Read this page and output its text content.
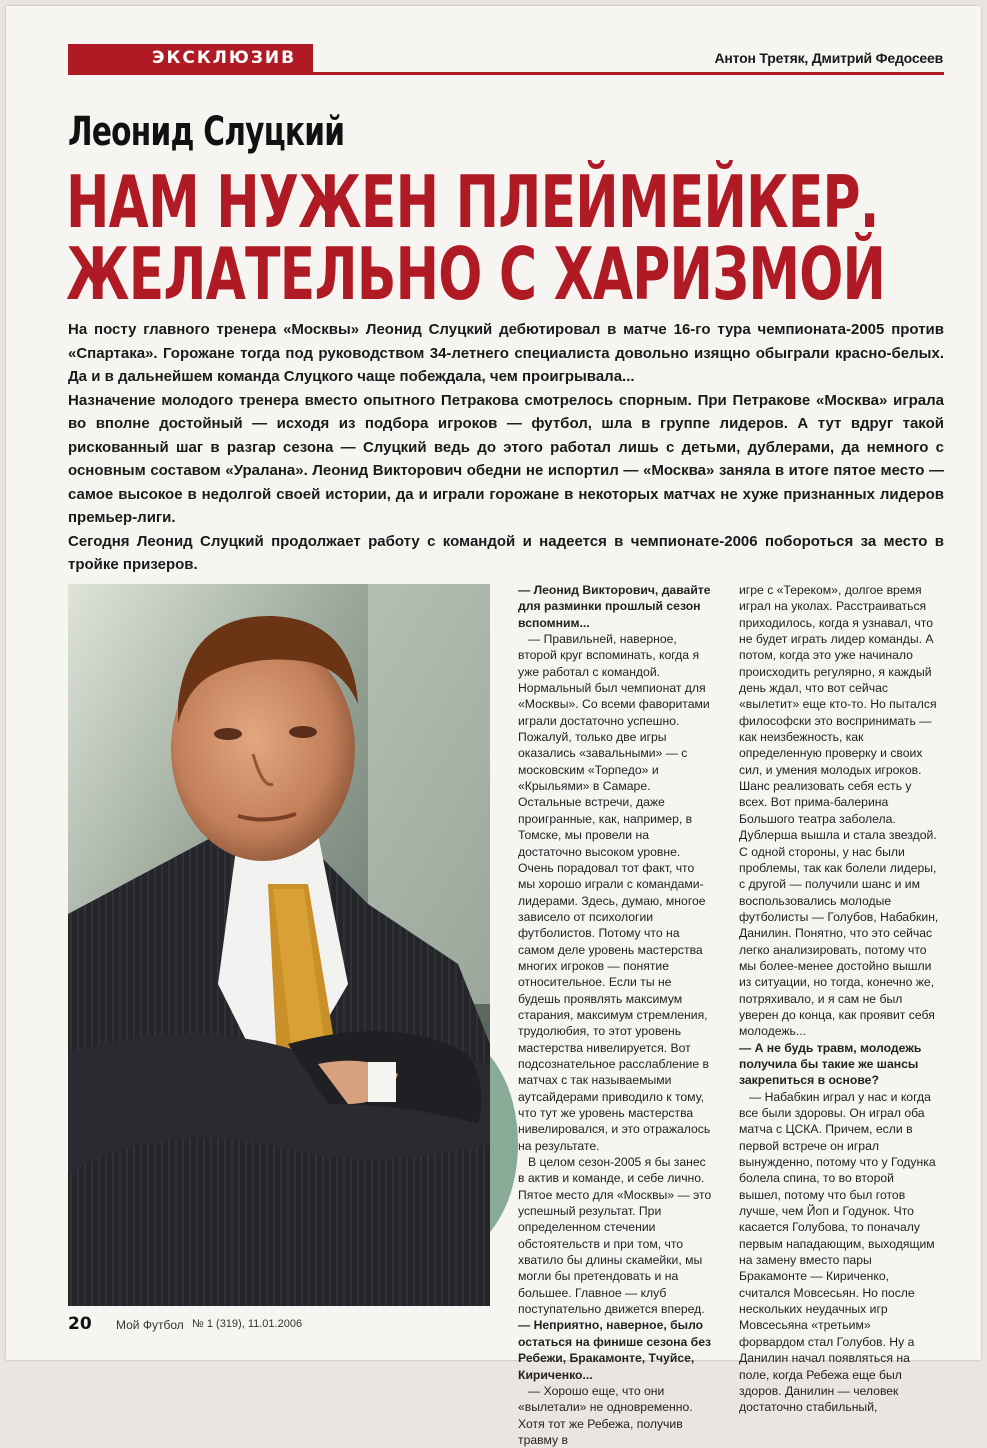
ЭКСКЛЮЗИВ	Антон Третяк, Дмитрий Федосеев
Леонид Слуцкий
НАМ НУЖЕН ПЛЕЙМЕЙКЕР.
ЖЕЛАТЕЛЬНО С ХАРИЗМОЙ

На посту главного тренера «Москвы» Леонид Слуцкий дебютировал в матче 16-го тура чемпионата-2005 против «Спартака». Горожане тогда под руководством 34-летнего специалиста довольно изящно обыграли красно-белых. Да и в дальнейшем команда Слуцкого чаще побеждала, чем проигрывала...

Назначение молодого тренера вместо опытного Петракова смотрелось спорным. При Петракове «Москва» играла во вполне достойный — исходя из подбора игроков — футбол, шла в группе лидеров. А тут вдруг такой рискованный шаг в разгар сезона — Слуцкий ведь до этого работал лишь с детьми, дублерами, да немного с основным составом «Уралана». Леонид Викторович обедни не испортил — «Москва» заняла в итоге пятое место — самое высокое в недолгой своей истории, да и играли горожане в некоторых матчах не хуже признанных лидеров премьер-лиги.

Сегодня Леонид Слуцкий продолжает работу с командой и надеется в чемпионате-2006 побороться за место в тройке призеров.

— Леонид Викторович, давайте для разминки прошлый сезон вспомним...

— Правильней, наверное, второй круг вспоминать, когда я уже работал с командой. Нормальный был чемпионат для «Москвы». Со всеми фаворитами играли достаточно успешно. Пожалуй, только две игры оказались «завальными» — с московским «Торпедо» и «Крыльями» в Самаре. Остальные встречи, даже проигранные, как, например, в Томске, мы провели на достаточно высоком уровне. Очень порадовал тот факт, что мы хорошо играли с командами-лидерами. Здесь, думаю, многое зависело от психологии футболистов. Потому что на самом деле уровень мастерства многих игроков — понятие относительное. Если ты не будешь проявлять максимум старания, максимум стремления, трудолюбия, то этот уровень мастерства нивелируется. Вот подсознательное расслабление в матчах с так называемыми аутсайдерами приводило к тому, что тут же уровень мастерства нивелировался, и это отражалось на результате.

В целом сезон-2005 я бы занес в актив и команде, и себе лично. Пятое место для «Москвы» — это успешный результат. При определенном стечении обстоятельств и при том, что хватило бы длины скамейки, мы могли бы претендовать и на большее. Главное — клуб поступательно движется вперед.

— Неприятно, наверное, было остаться на финише сезона без Ребежи, Бракамонте, Тчуйсе, Кириченко...

— Хорошо еще, что они «вылетали» не одновременно. Хотя тот же Ребежа, получив травму в

игре с «Тереком», долгое время играл на уколах. Расстраиваться приходилось, когда я узнавал, что не будет играть лидер команды. А потом, когда это уже начинало происходить регулярно, я каждый день ждал, что вот сейчас «вылетит» еще кто-то. Но пытался философски это воспринимать — как неизбежность, как определенную проверку и своих сил, и умения молодых игроков. Шанс реализовать себя есть у всех. Вот прима-балерина Большого театра заболела. Дублерша вышла и стала звездой. С одной стороны, у нас были проблемы, так как болели лидеры, с другой — получили шанс и им воспользовались молодые футболисты — Голубов, Набабкин, Данилин. Понятно, что это сейчас легко анализировать, потому что мы более-менее достойно вышли из ситуации, но тогда, конечно же, потряхивало, и я сам не был уверен до конца, как проявит себя молодежь...

— А не будь травм, молодежь получила бы такие же шансы закрепиться в основе?

— Набабкин играл у нас и когда все были здоровы. Он играл оба матча с ЦСКА. Причем, если в первой встрече он играл вынужденно, потому что у Годунка болела спина, то во второй вышел, потому что был готов лучше, чем Йоп и Годунок. Что касается Голубова, то поначалу первым нападающим, выходящим на замену вместо пары Бракамонте — Кириченко, считался Мовсесьян. Но после нескольких неудачных игр Мовсесьяна «третьим» форвардом стал Голубов. Ну а Данилин начал появляться на поле, когда Ребежа еще был здоров. Данилин — человек достаточно стабильный,

20 Мой Футбол № 1 (319), 11.01.2006
